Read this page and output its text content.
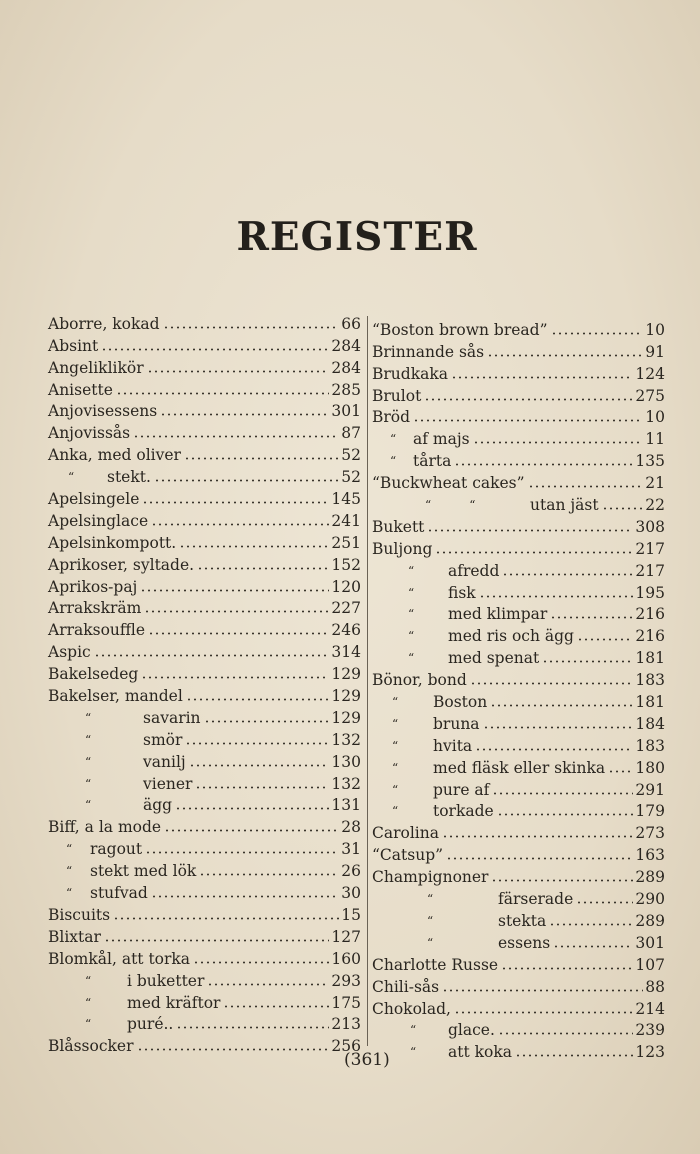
REGISTER
Aborre, kokad	66
Absint	284
Angeliklikör	284
Anisette	285
Anjovisessens	301
Anjovissås	87
Anka, med oliver	52
“ stekt.	52
Apelsingele	145
Apelsinglace	241
Apelsinkompott.	251
Aprikoser, syltade.	152
Aprikos-paj	120
Arrakskräm	227
Arraksouffle	246
Aspic	314
Bakelsedeg	129
Bakelser, mandel	129
“	savarin	129
“	smör	132
“	vanilj	130
“	viener	132
“	ägg	131
Biff, a la mode	28
“ ragout	31
“ stekt med lök	26
“ stufvad	30
Biscuits	15
Blixtar	127
Blomkål, att torka	160
“ i buketter	293
“ med kräftor	175
“ puré..	213
Blåssocker	256
“Boston brown bread”	10
Brinnande sås	91
Brudkaka	124
Brulot	275
Bröd	10
“ af majs	11
“ tårta	135
“Buckwheat cakes”	21
“          “	utan jäst	22
Bukett	308
Buljong	217
“ afredd	217
“ fisk	195
“ med klimpar	216
“ med ris och ägg	216
“ med spenat	181
Bönor, bond	183
“ Boston	181
“ bruna	184
“ hvita	183
“ med fläsk eller skinka 180
“ pure af	291
“ torkade	179
Carolina	273
“Catsup”	163
Champignoner	289
“	färserade	290
“	stekta	289
“	essens	301
Charlotte Russe	107
Chili-sås	88
Chokolad,	214
“ glace.	239
“ att koka	123
(361)
